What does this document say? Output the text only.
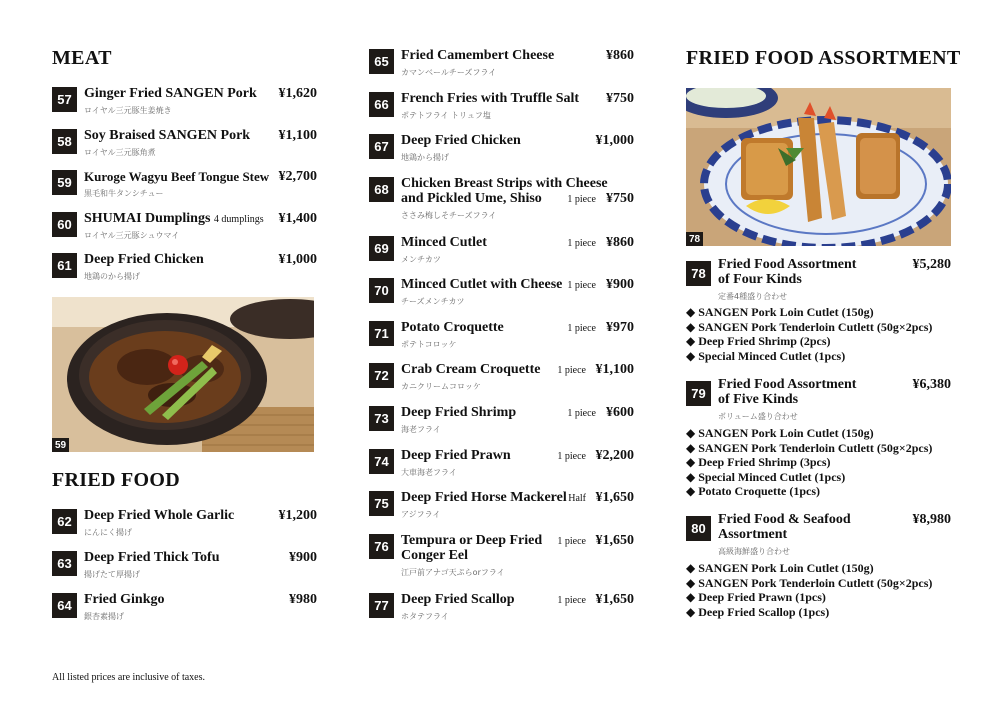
MEAT
57 Ginger Fried SANGEN Pork
ロイヤル三元豚生姜焼き
¥1,620
58 Soy Braised SANGEN Pork
ロイヤル三元豚角煮
¥1,100
59 Kuroge Wagyu Beef Tongue Stew
黒毛和牛タンシチュー
¥2,700
60 SHUMAI Dumplings 4 dumplings
ロイヤル三元豚シュウマイ
¥1,400
61 Deep Fried Chicken
地鶏のから揚げ
¥1,000
59
FRIED FOOD
62 Deep Fried Whole Garlic
にんにく揚げ
¥1,200
63 Deep Fried Thick Tofu
揚げたて厚揚げ
¥900
64 Fried Ginkgo
銀杏素揚げ
¥980
65 Fried Camembert Cheese
カマンベールチーズフライ
¥860
66 French Fries with Truffle Salt
ポテトフライ トリュフ塩
¥750
67 Deep Fried Chicken
地鶏から揚げ
¥1,000
68 Chicken Breast Strips with Cheese
and Pickled Ume, Shiso
ささみ梅しそチーズフライ
1 piece ¥750
69 Minced Cutlet
メンチカツ
1 piece ¥860
70 Minced Cutlet with Cheese
チーズメンチカツ
1 piece ¥900
71 Potato Croquette
ポテトコロッケ
1 piece ¥970
72 Crab Cream Croquette
カニクリームコロッケ
1 piece ¥1,100
73 Deep Fried Shrimp
海老フライ
1 piece ¥600
74 Deep Fried Prawn
大車海老フライ
1 piece ¥2,200
75 Deep Fried Horse Mackerel
アジフライ
Half ¥1,650
76 Tempura or Deep Fried
Conger Eel
江戸前アナゴ天ぷらorフライ
1 piece ¥1,650
77 Deep Fried Scallop
ホタテフライ
1 piece ¥1,650
FRIED FOOD ASSORTMENT
78
78
Fried Food Assortment
of Four Kinds
定番4種盛り合わせ
¥5,280
◆ SANGEN Pork Loin Cutlet (150g)
◆ SANGEN Pork Tenderloin Cutlett (50g×2pcs)
◆ Deep Fried Shrimp (2pcs)
◆ Special Minced Cutlet (1pcs)
79
Fried Food Assortment
of Five Kinds
ボリューム盛り合わせ
¥6,380
◆ SANGEN Pork Loin Cutlet (150g)
◆ SANGEN Pork Tenderloin Cutlett (50g×2pcs)
◆ Deep Fried Shrimp (3pcs)
◆ Special Minced Cutlet (1pcs)
◆ Potato Croquette (1pcs)
80
Fried Food & Seafood
Assortment
高級海鮮盛り合わせ
¥8,980
◆ SANGEN Pork Loin Cutlet (150g)
◆ SANGEN Pork Tenderloin Cutlett (50g×2pcs)
◆ Deep Fried Prawn (1pcs)
◆ Deep Fried Scallop (1pcs)
All listed prices are inclusive of taxes.
